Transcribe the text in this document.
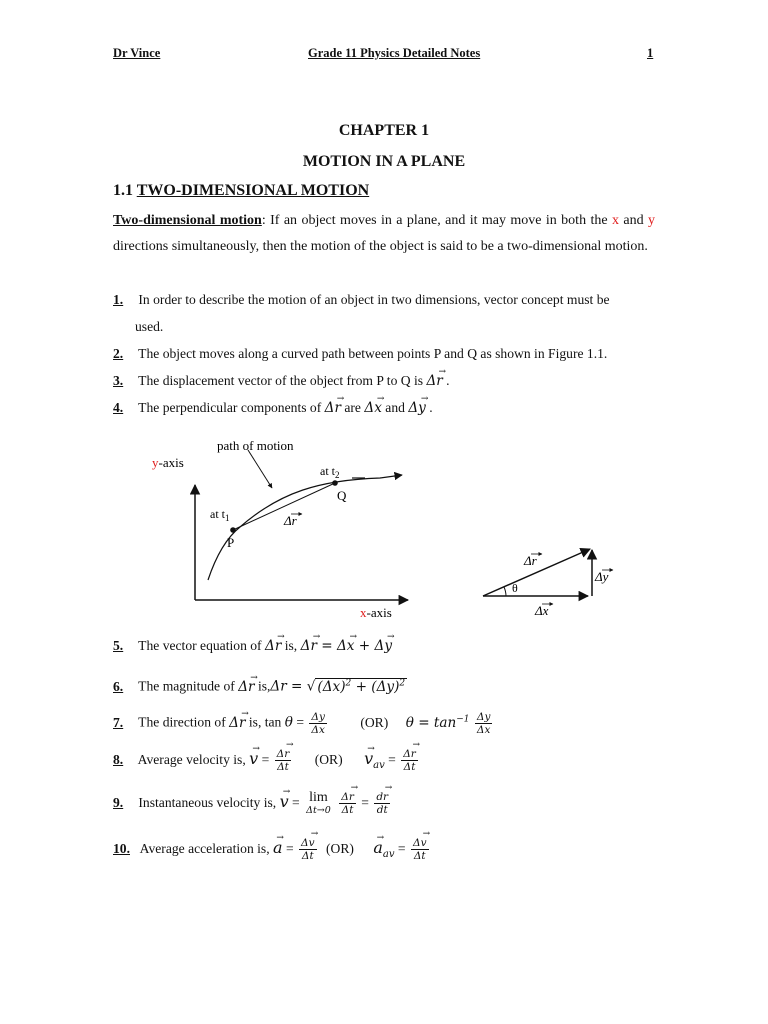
Dr Vince	Grade 11 Physics Detailed Notes	1
CHAPTER 1
MOTION IN A PLANE
1.1 TWO-DIMENSIONAL MOTION
Two-dimensional motion: If an object moves in a plane, and it may move in both the x and y directions simultaneously, then the motion of the object is said to be a two-dimensional motion.
1. In order to describe the motion of an object in two dimensions, vector concept must be
used.
2. The object moves along a curved path between points P and Q as shown in Figure 1.1.
3. The displacement vector of the object from P to Q is Δ→ r .
4. The perpendicular components of Δ→ r are Δ→ x and Δ→ y .
y-axis
x-axis
path of motion
at $t_1$
at $t_2$
P
Q
Δr
Δr
Δy
Δx
θ
5. The vector equation of Δ→ r is, Δ→ r = Δ→ x + Δ→ y
6. The magnitude of Δ→ r is,Δr = √ $(\Delta x)^2 + (\Delta y)^2$
7. The direction of Δ→ r is, $\tan \theta = \frac{\Delta y}{\Delta x} (OR) \theta = \tan^{-1} \frac{\Delta y}{\Delta x}$
8. Average velocity is, → $v = \frac{\Delta\to r}{\Delta t} (OR) \to v_{av} = \frac{\Delta\to r}{\Delta t}$
9. Instantaneous velocity is, → v = lim
Δt→0
$\frac{\Delta\to r}{\Delta t} = \frac{d\to r}{dt}$
10. Average acceleration is, → $a = \frac{\Delta\to v}{\Delta t} (OR) \to a_{av} = \frac{\Delta\to v}{\Delta t}$
